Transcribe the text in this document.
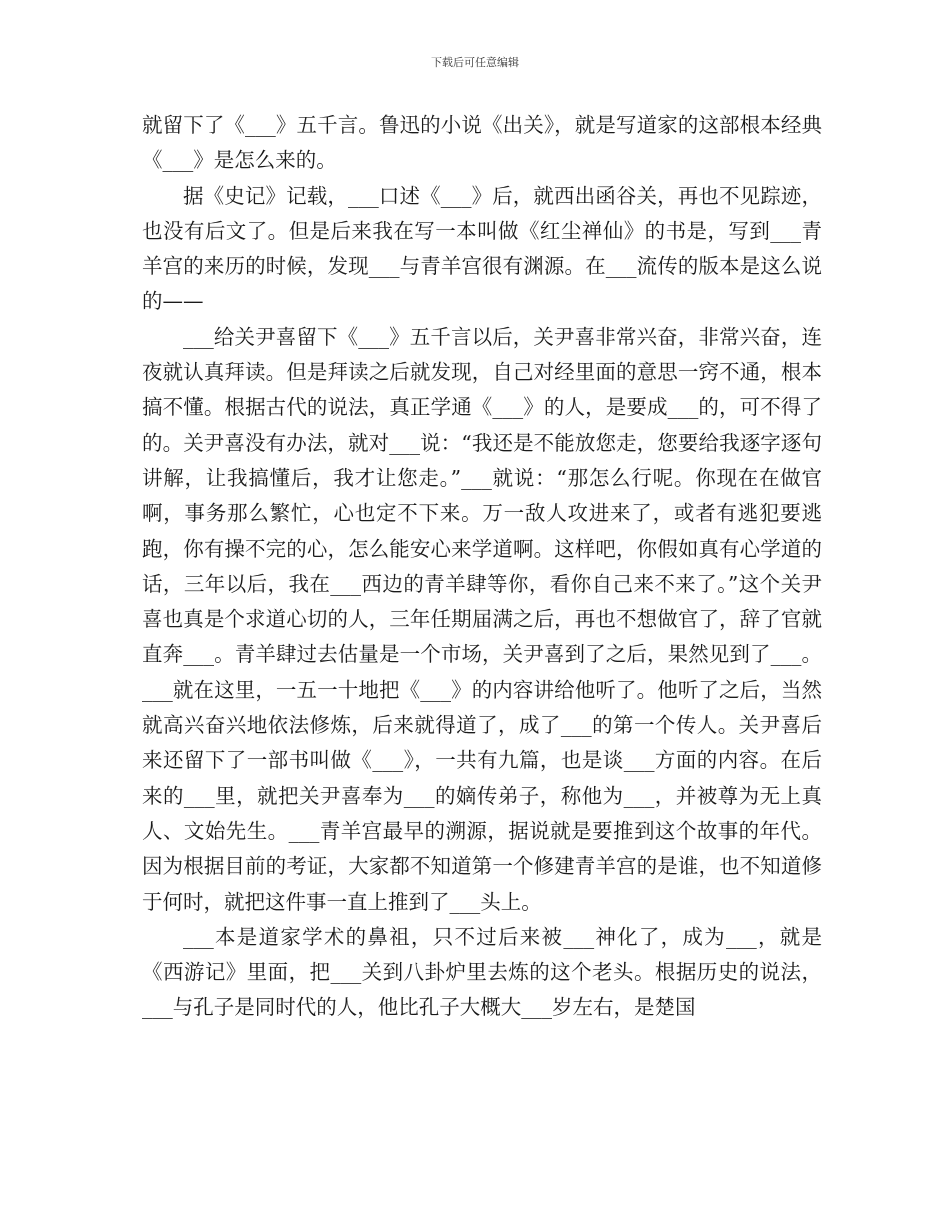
下载后可任意编辑

就留下了《___》五千言。鲁迅的小说《出关》，就是写道家的这部根本经典《___》是怎么来的。

据《史记》记载，___口述《___》后，就西出函谷关，再也不见踪迹，也没有后文了。但是后来我在写一本叫做《红尘禅仙》的书是，写到___青羊宫的来历的时候，发现___与青羊宫很有渊源。在___流传的版本是这么说的——

___给关尹喜留下《___》五千言以后，关尹喜非常兴奋，非常兴奋，连夜就认真拜读。但是拜读之后就发现，自己对经里面的意思一窍不通，根本搞不懂。根据古代的说法，真正学通《___》的人，是要成___的，可不得了的。关尹喜没有办法，就对___说：“我还是不能放您走，您要给我逐字逐句讲解，让我搞懂后，我才让您走。”___就说：“那怎么行呢。你现在在做官啊，事务那么繁忙，心也定不下来。万一敌人攻进来了，或者有逃犯要逃跑，你有操不完的心，怎么能安心来学道啊。这样吧，你假如真有心学道的话，三年以后，我在___西边的青羊肆等你，看你自己来不来了。”这个关尹喜也真是个求道心切的人，三年任期届满之后，再也不想做官了，辞了官就直奔___。青羊肆过去估量是一个市场，关尹喜到了之后，果然见到了___。___就在这里，一五一十地把《___》的内容讲给他听了。他听了之后，当然就高兴奋兴地依法修炼，后来就得道了，成了___的第一个传人。关尹喜后来还留下了一部书叫做《___》，一共有九篇，也是谈___方面的内容。在后来的___里，就把关尹喜奉为___的嫡传弟子，称他为___，并被尊为无上真人、文始先生。___青羊宫最早的溯源，据说就是要推到这个故事的年代。因为根据目前的考证，大家都不知道第一个修建青羊宫的是谁，也不知道修于何时，就把这件事一直上推到了___头上。

___本是道家学术的鼻祖，只不过后来被___神化了，成为___，就是《西游记》里面，把___关到八卦炉里去炼的这个老头。根据历史的说法，___与孔子是同时代的人，他比孔子大概大___岁左右，是楚国
